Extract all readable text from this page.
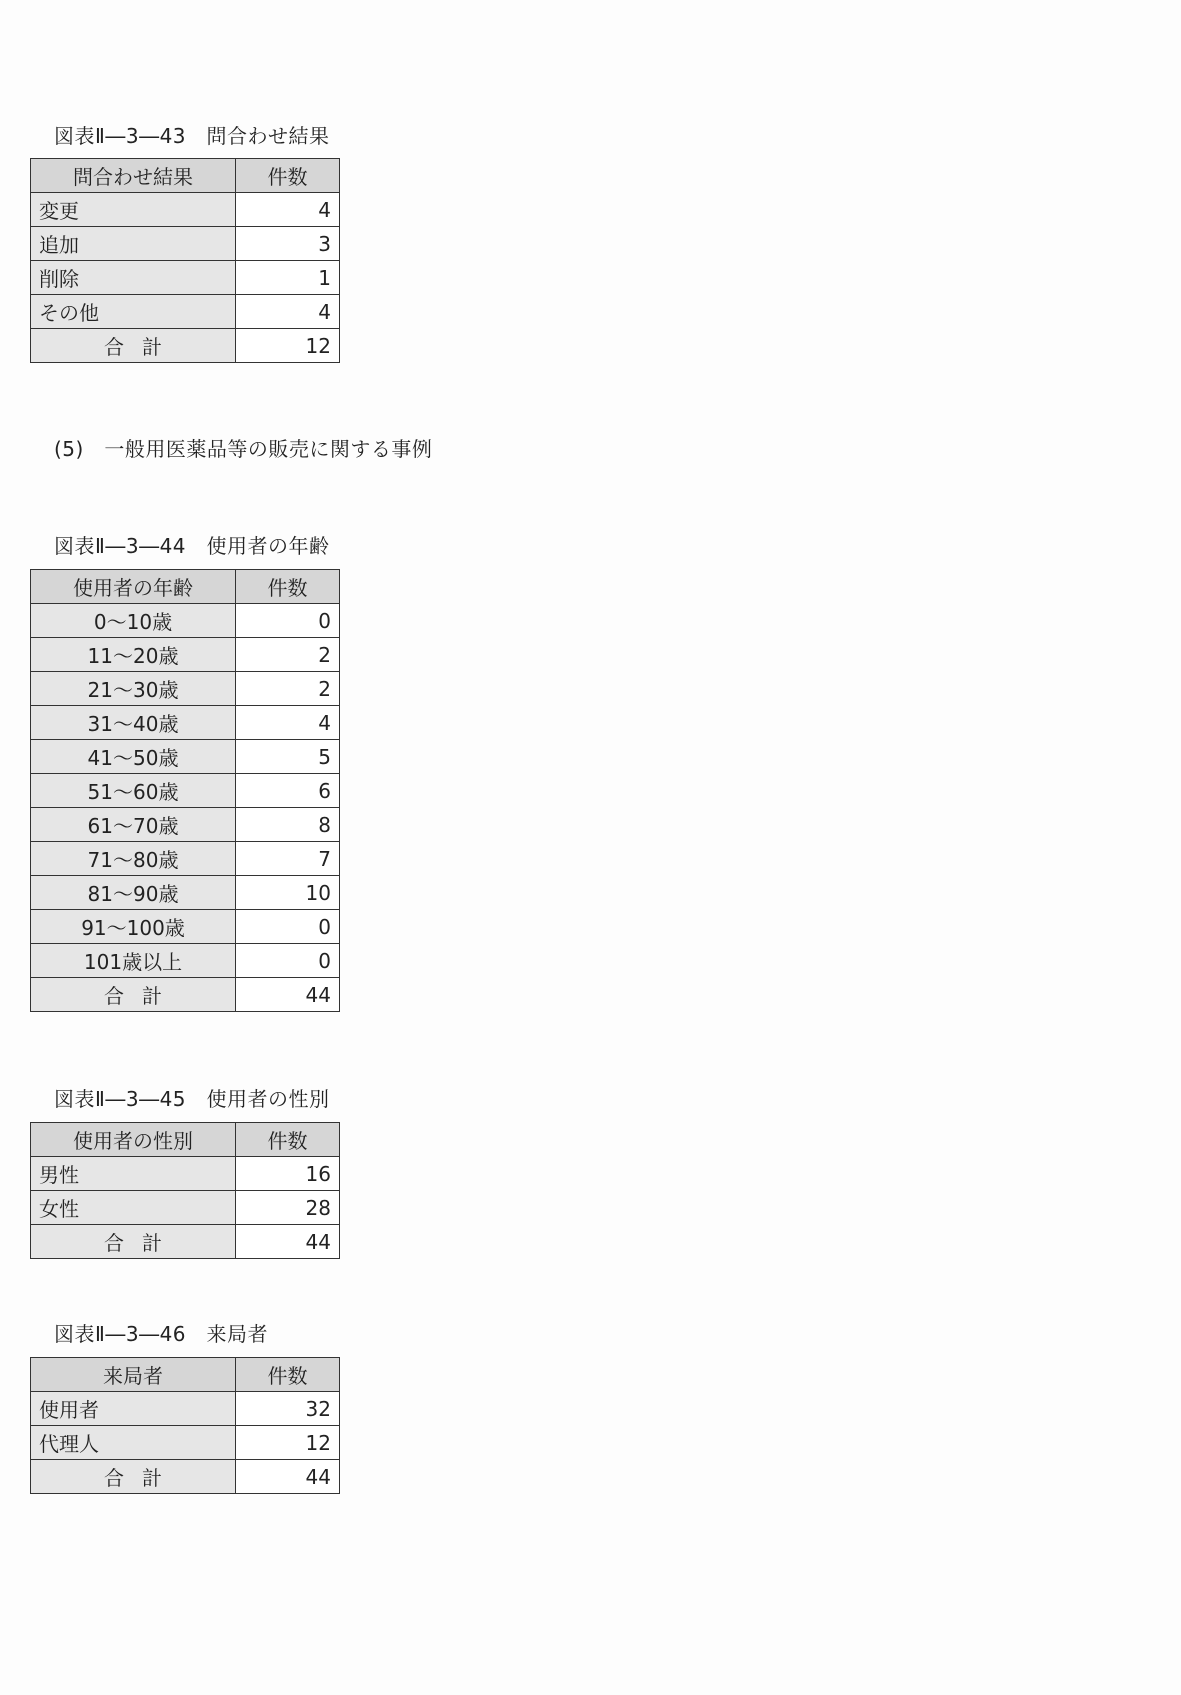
図表Ⅱ―3―43　問合わせ結果
問合わせ結果	件数
変更	4
追加	3
削除	1
その他	4
合計	12
(5)　一般用医薬品等の販売に関する事例
図表Ⅱ―3―44　使用者の年齢
使用者の年齢	件数
0～10歳	0
11～20歳	2
21～30歳	2
31～40歳	4
41～50歳	5
51～60歳	6
61～70歳	8
71～80歳	7
81～90歳	10
91～100歳	0
101歳以上	0
合計	44
図表Ⅱ―3―45　使用者の性別
使用者の性別	件数
男性	16
女性	28
合計	44
図表Ⅱ―3―46　来局者
来局者	件数
使用者	32
代理人	12
合計	44
